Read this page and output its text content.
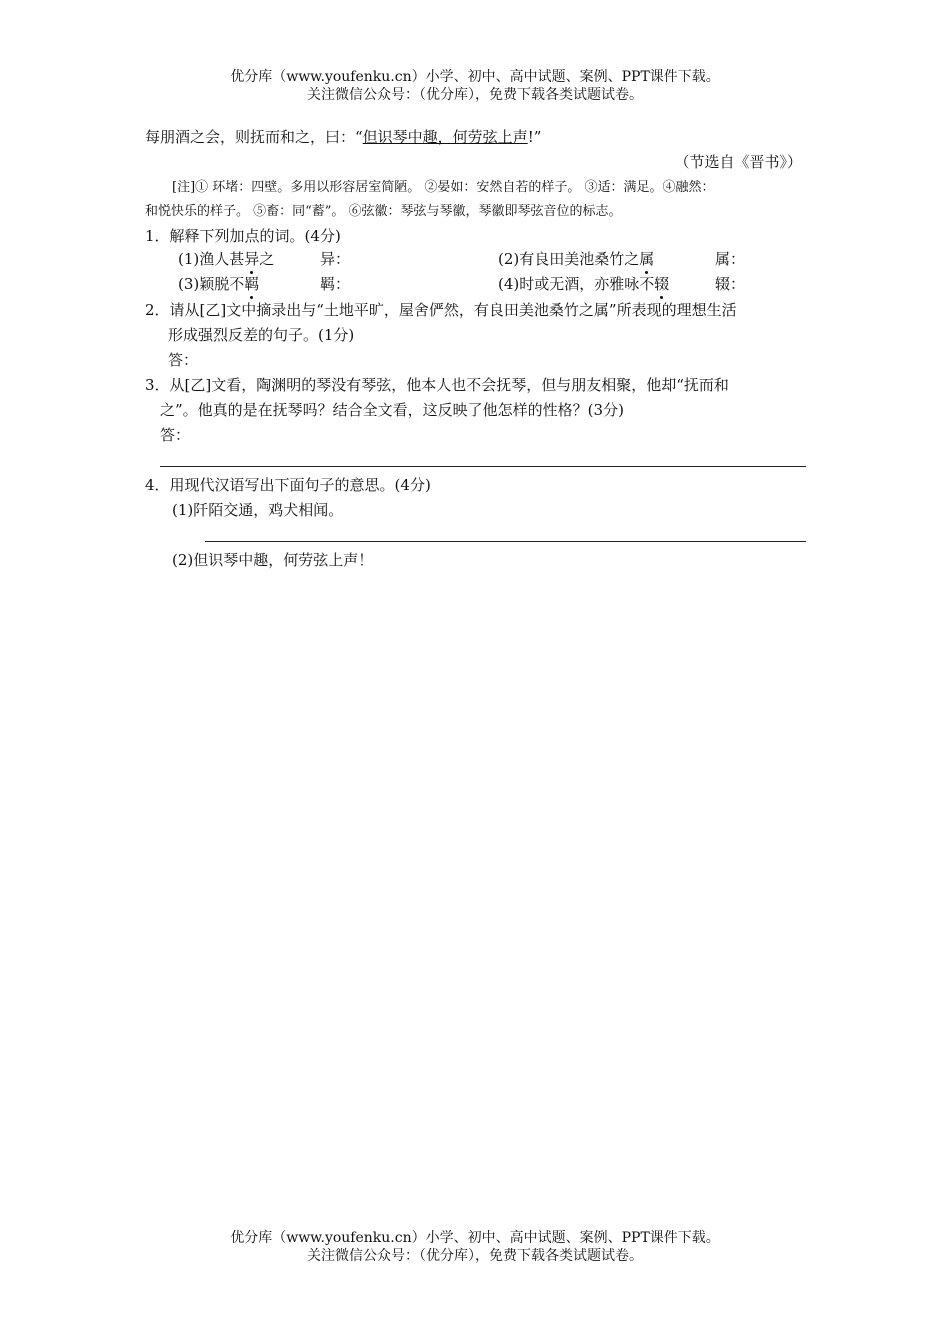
优分库（www.youfenku.cn）小学、初中、高中试题、案例、PPT课件下载。
关注微信公众号：（优分库），免费下载各类试题试卷。
每朋酒之会，则抚而和之，曰：“但识琴中趣，何劳弦上声!”
（节选自《晋书》）
[注]① 环堵：四壁。多用以形容居室简陋。 ②晏如：安然自若的样子。 ③适：满足。④融然：
和悦快乐的样子。 ⑤畜：同“蓄”。 ⑥弦徽：琴弦与琴徽，琴徽即琴弦音位的标志。
1．解释下列加点的词。(4分)
(1)渔人甚异之	异：	(2)有良田美池桑竹之属	属：
(3)颖脱不羁	羁：	(4)时或无酒，亦雅咏不辍	辍：
2．请从[乙]文中摘录出与“土地平旷，屋舍俨然，有良田美池桑竹之属”所表现的理想生活
形成强烈反差的句子。(1分)
答：
3．从[乙]文看，陶渊明的琴没有琴弦，他本人也不会抚琴，但与朋友相聚，他却“抚而和
之”。他真的是在抚琴吗？结合全文看，这反映了他怎样的性格？(3分)
答：
4．用现代汉语写出下面句子的意思。(4分)
(1)阡陌交通，鸡犬相闻。
(2)但识琴中趣，何劳弦上声！
优分库（www.youfenku.cn）小学、初中、高中试题、案例、PPT课件下载。
关注微信公众号：（优分库），免费下载各类试题试卷。
